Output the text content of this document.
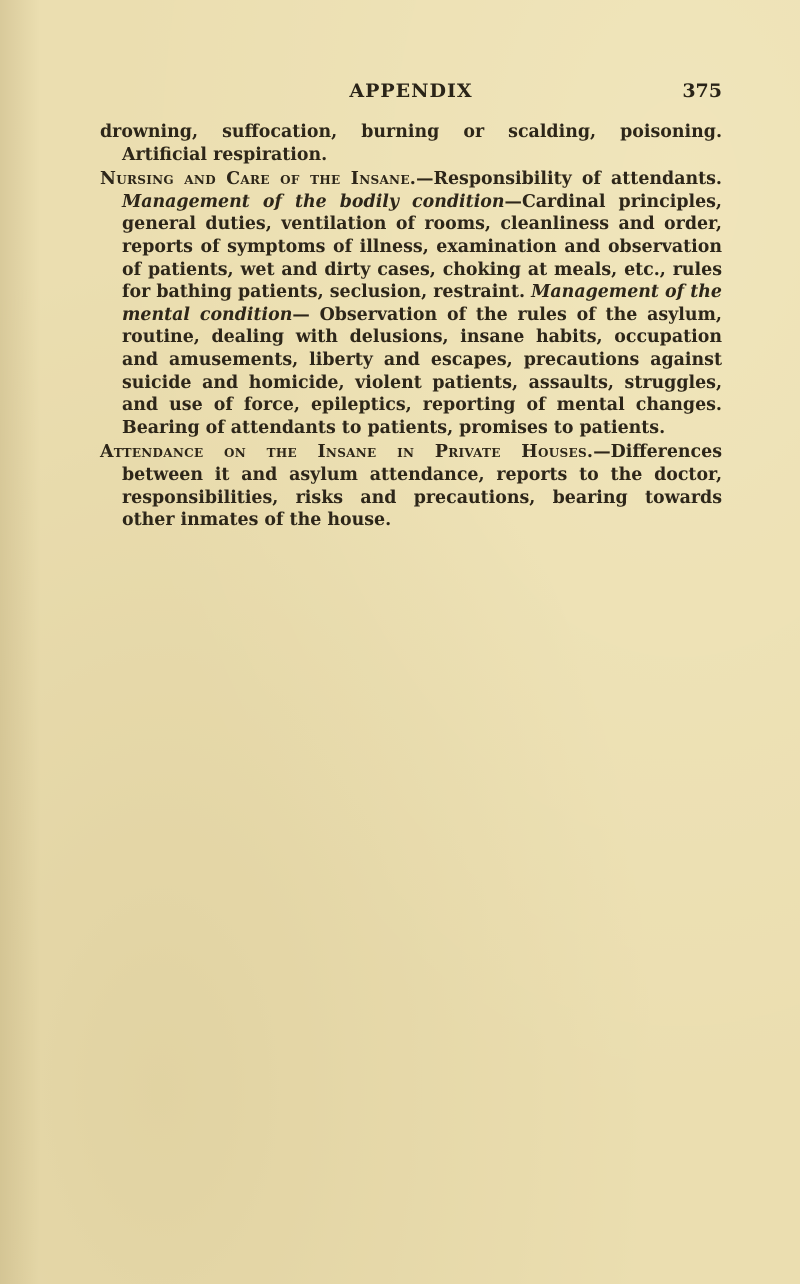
APPENDIX	375

drowning, suffocation, burning or scalding, poisoning. Artificial respiration.

Nursing and Care of the Insane.—Responsibility of attendants. Management of the bodily condition—Cardinal principles, general duties, ventilation of rooms, cleanliness and order, reports of symptoms of illness, examination and observation of patients, wet and dirty cases, choking at meals, etc., rules for bathing patients, seclusion, restraint. Management of the mental condition— Observation of the rules of the asylum, routine, dealing with delusions, insane habits, occupation and amusements, liberty and escapes, precautions against suicide and homicide, violent patients, assaults, struggles, and use of force, epileptics, reporting of mental changes. Bearing of attendants to patients, promises to patients.

Attendance on the Insane in Private Houses.—Differences between it and asylum attendance, reports to the doctor, responsibilities, risks and precautions, bearing towards other inmates of the house.
